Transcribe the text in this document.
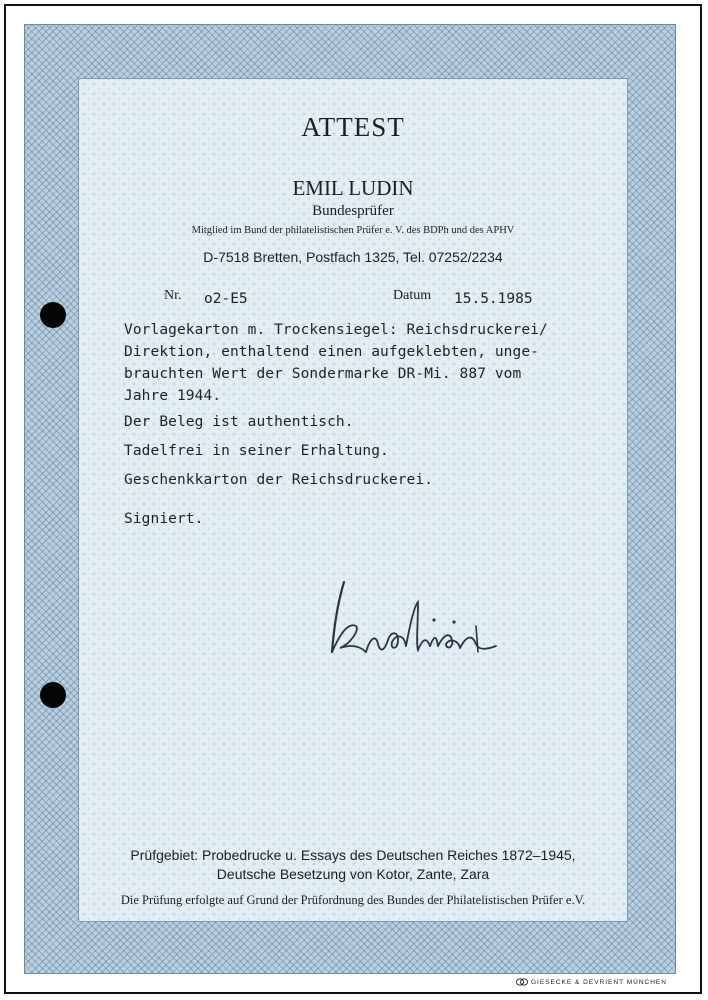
ATTEST
EMIL LUDIN
Bundesprüfer
Mitglied im Bund der philatelistischen Prüfer e. V. des BDPh und des APHV
D-7518 Bretten, Postfach 1325, Tel. 07252/2234
Nr. o2-E5	Datum 15.5.1985
Vorlagekarton m. Trockensiegel: Reichsdruckerei/
Direktion, enthaltend einen aufgeklebten, unge-
brauchten Wert der Sondermarke DR-Mi. 887 vom
Jahre 1944.
Der Beleg ist authentisch.
Tadelfrei in seiner Erhaltung.
Geschenkkarton der Reichsdruckerei.
Signiert.
Prüfgebiet: Probedrucke u. Essays des Deutschen Reiches 1872–1945,
Deutsche Besetzung von Kotor, Zante, Zara
Die Prüfung erfolgte auf Grund der Prüfordnung des Bundes der Philatelistischen Prüfer e.V.
GIESECKE & DEVRIENT MÜNCHEN
